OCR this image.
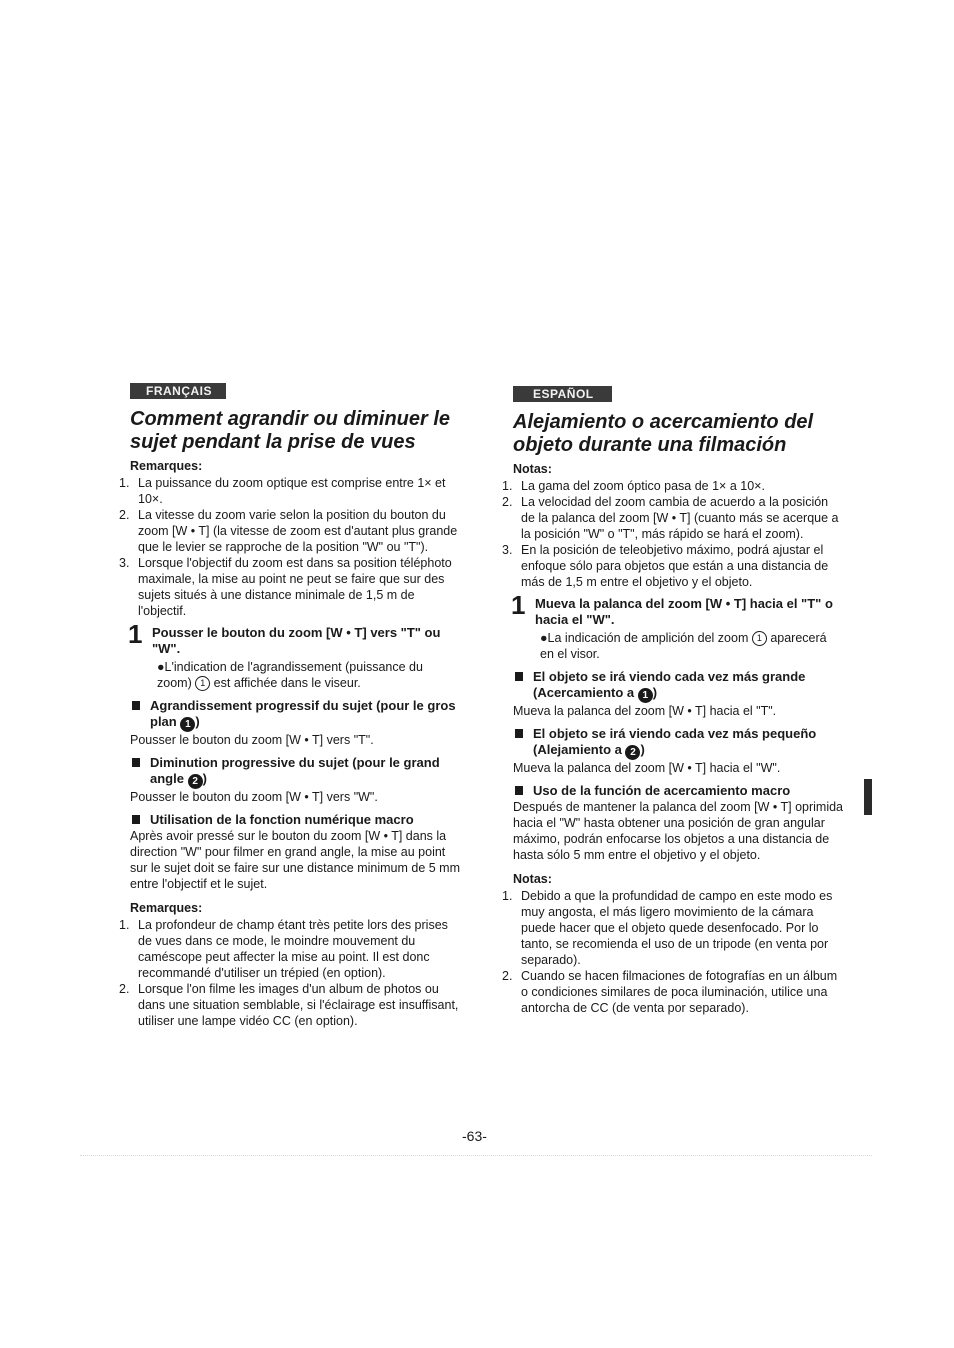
FRANÇAIS
Comment agrandir ou diminuer le sujet pendant la prise de vues
Remarques:
1. La puissance du zoom optique est comprise entre 1× et 10×.
2. La vitesse du zoom varie selon la position du bouton du zoom [W • T] (la vitesse de zoom est d'autant plus grande que le levier se rapproche de la position "W" ou "T").
3. Lorsque l'objectif du zoom est dans sa position téléphoto maximale, la mise au point ne peut se faire que sur des sujets situés à une distance minimale de 1,5 m de l'objectif.
1 Pousser le bouton du zoom [W • T] vers "T" ou "W".
●L'indication de l'agrandissement (puissance du zoom) 1 est affichée dans le viseur.
Agrandissement progressif du sujet (pour le gros plan 1 )
Pousser le bouton du zoom [W • T] vers "T".
Diminution progressive du sujet (pour le grand angle 2 )
Pousser le bouton du zoom [W • T] vers "W".
Utilisation de la fonction numérique macro
Après avoir pressé sur le bouton du zoom [W • T] dans la direction "W" pour filmer en grand angle, la mise au point sur le sujet doit se faire sur une distance minimum de 5 mm entre l'objectif et le sujet.
Remarques:
1. La profondeur de champ étant très petite lors des prises de vues dans ce mode, le moindre mouvement du caméscope peut affecter la mise au point. Il est donc recommandé d'utiliser un trépied (en option).
2. Lorsque l'on filme les images d'un album de photos ou dans une situation semblable, si l'éclairage est insuffisant, utiliser une lampe vidéo CC (en option).
ESPAÑOL
Alejamiento o acercamiento del objeto durante una filmación
Notas:
1. La gama del zoom óptico pasa de 1× a 10×.
2. La velocidad del zoom cambia de acuerdo a la posición de la palanca del zoom [W • T] (cuanto más se acerque a la posición "W" o "T", más rápido se hará el zoom).
3. En la posición de teleobjetivo máximo, podrá ajustar el enfoque sólo para objetos que están a una distancia de más de 1,5 m entre el objetivo y el objeto.
1 Mueva la palanca del zoom [W • T] hacia el "T" o hacia el "W".
●La indicación de amplición del zoom 1 aparecerá en el visor.
El objeto se irá viendo cada vez más grande (Acercamiento a 1 )
Mueva la palanca del zoom [W • T] hacia el "T".
El objeto se irá viendo cada vez más pequeño (Alejamiento a 2 )
Mueva la palanca del zoom [W • T] hacia el "W".
Uso de la función de acercamiento macro
Después de mantener la palanca del zoom [W • T] oprimida hacia el "W" hasta obtener una posición de gran angular máximo, podrán enfocarse los objetos a una distancia de hasta sólo 5 mm entre el objetivo y el objeto.
Notas:
1. Debido a que la profundidad de campo en este modo es muy angosta, el más ligero movimiento de la cámara puede hacer que el objeto quede desenfocado. Por lo tanto, se recomienda el uso de un tripode (en venta por separado).
2. Cuando se hacen filmaciones de fotografías en un álbum o condiciones similares de poca iluminación, utilice una antorcha de CC (de venta por separado).
-63-
